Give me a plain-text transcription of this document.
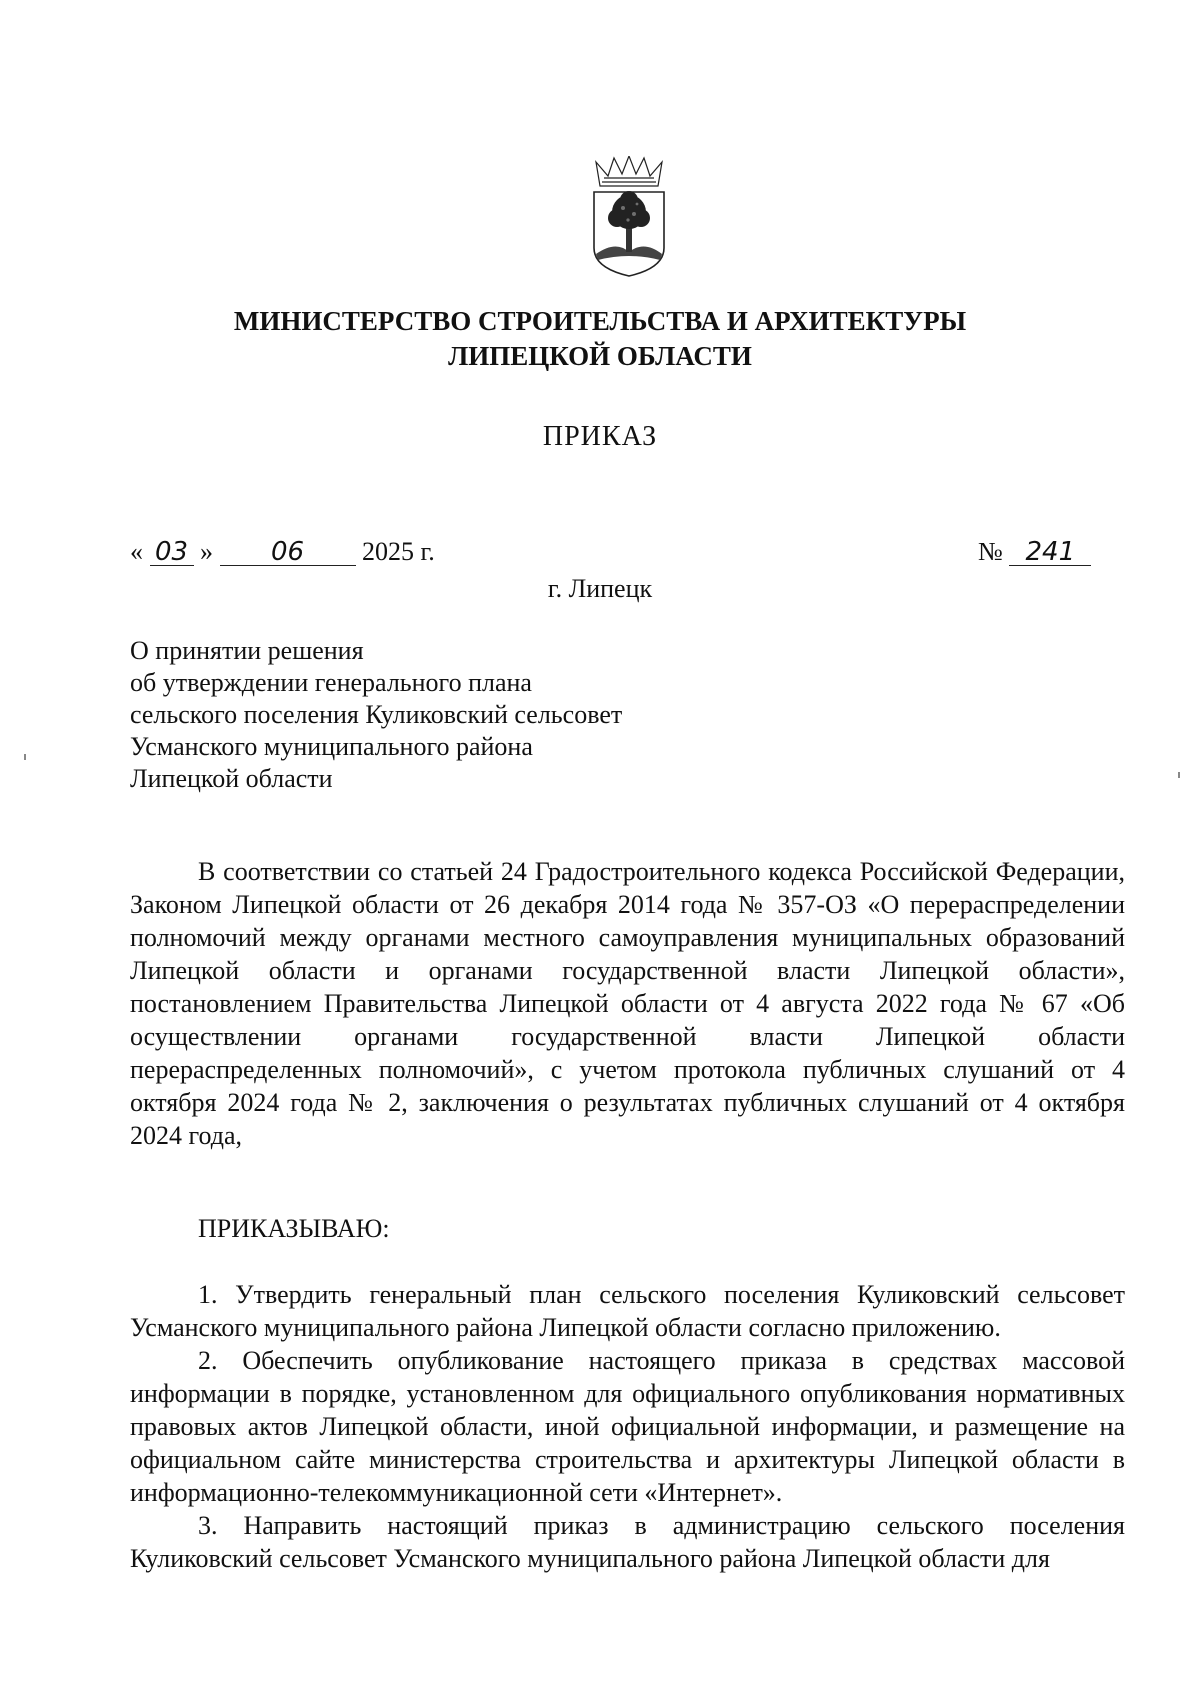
МИНИСТЕРСТВО СТРОИТЕЛЬСТВА И АРХИТЕКТУРЫ
ЛИПЕЦКОЙ ОБЛАСТИ
ПРИКАЗ
« 03 » 06 2025 г.	№ 241
г. Липецк
О принятии решения
об утверждении генерального плана
сельского поселения Куликовский сельсовет
Усманского муниципального района
Липецкой области
В соответствии со статьей 24 Градостроительного кодекса Российской Федерации, Законом Липецкой области от 26 декабря 2014 года № 357-ОЗ «О перераспределении полномочий между органами местного самоуправления муниципальных образований Липецкой области и органами государственной власти Липецкой области», постановлением Правительства Липецкой области от 4 августа 2022 года № 67 «Об осуществлении органами государственной власти Липецкой области перераспределенных полномочий», с учетом протокола публичных слушаний от 4 октября 2024 года № 2, заключения о результатах публичных слушаний от 4 октября 2024 года,
ПРИКАЗЫВАЮ:

1. Утвердить генеральный план сельского поселения Куликовский сельсовет Усманского муниципального района Липецкой области согласно приложению.

2. Обеспечить опубликование настоящего приказа в средствах массовой информации в порядке, установленном для официального опубликования нормативных правовых актов Липецкой области, иной официальной информации, и размещение на официальном сайте министерства строительства и архитектуры Липецкой области в информационно-телекоммуникационной сети «Интернет».

3. Направить настоящий приказ в администрацию сельского поселения Куликовский сельсовет Усманского муниципального района Липецкой области для
